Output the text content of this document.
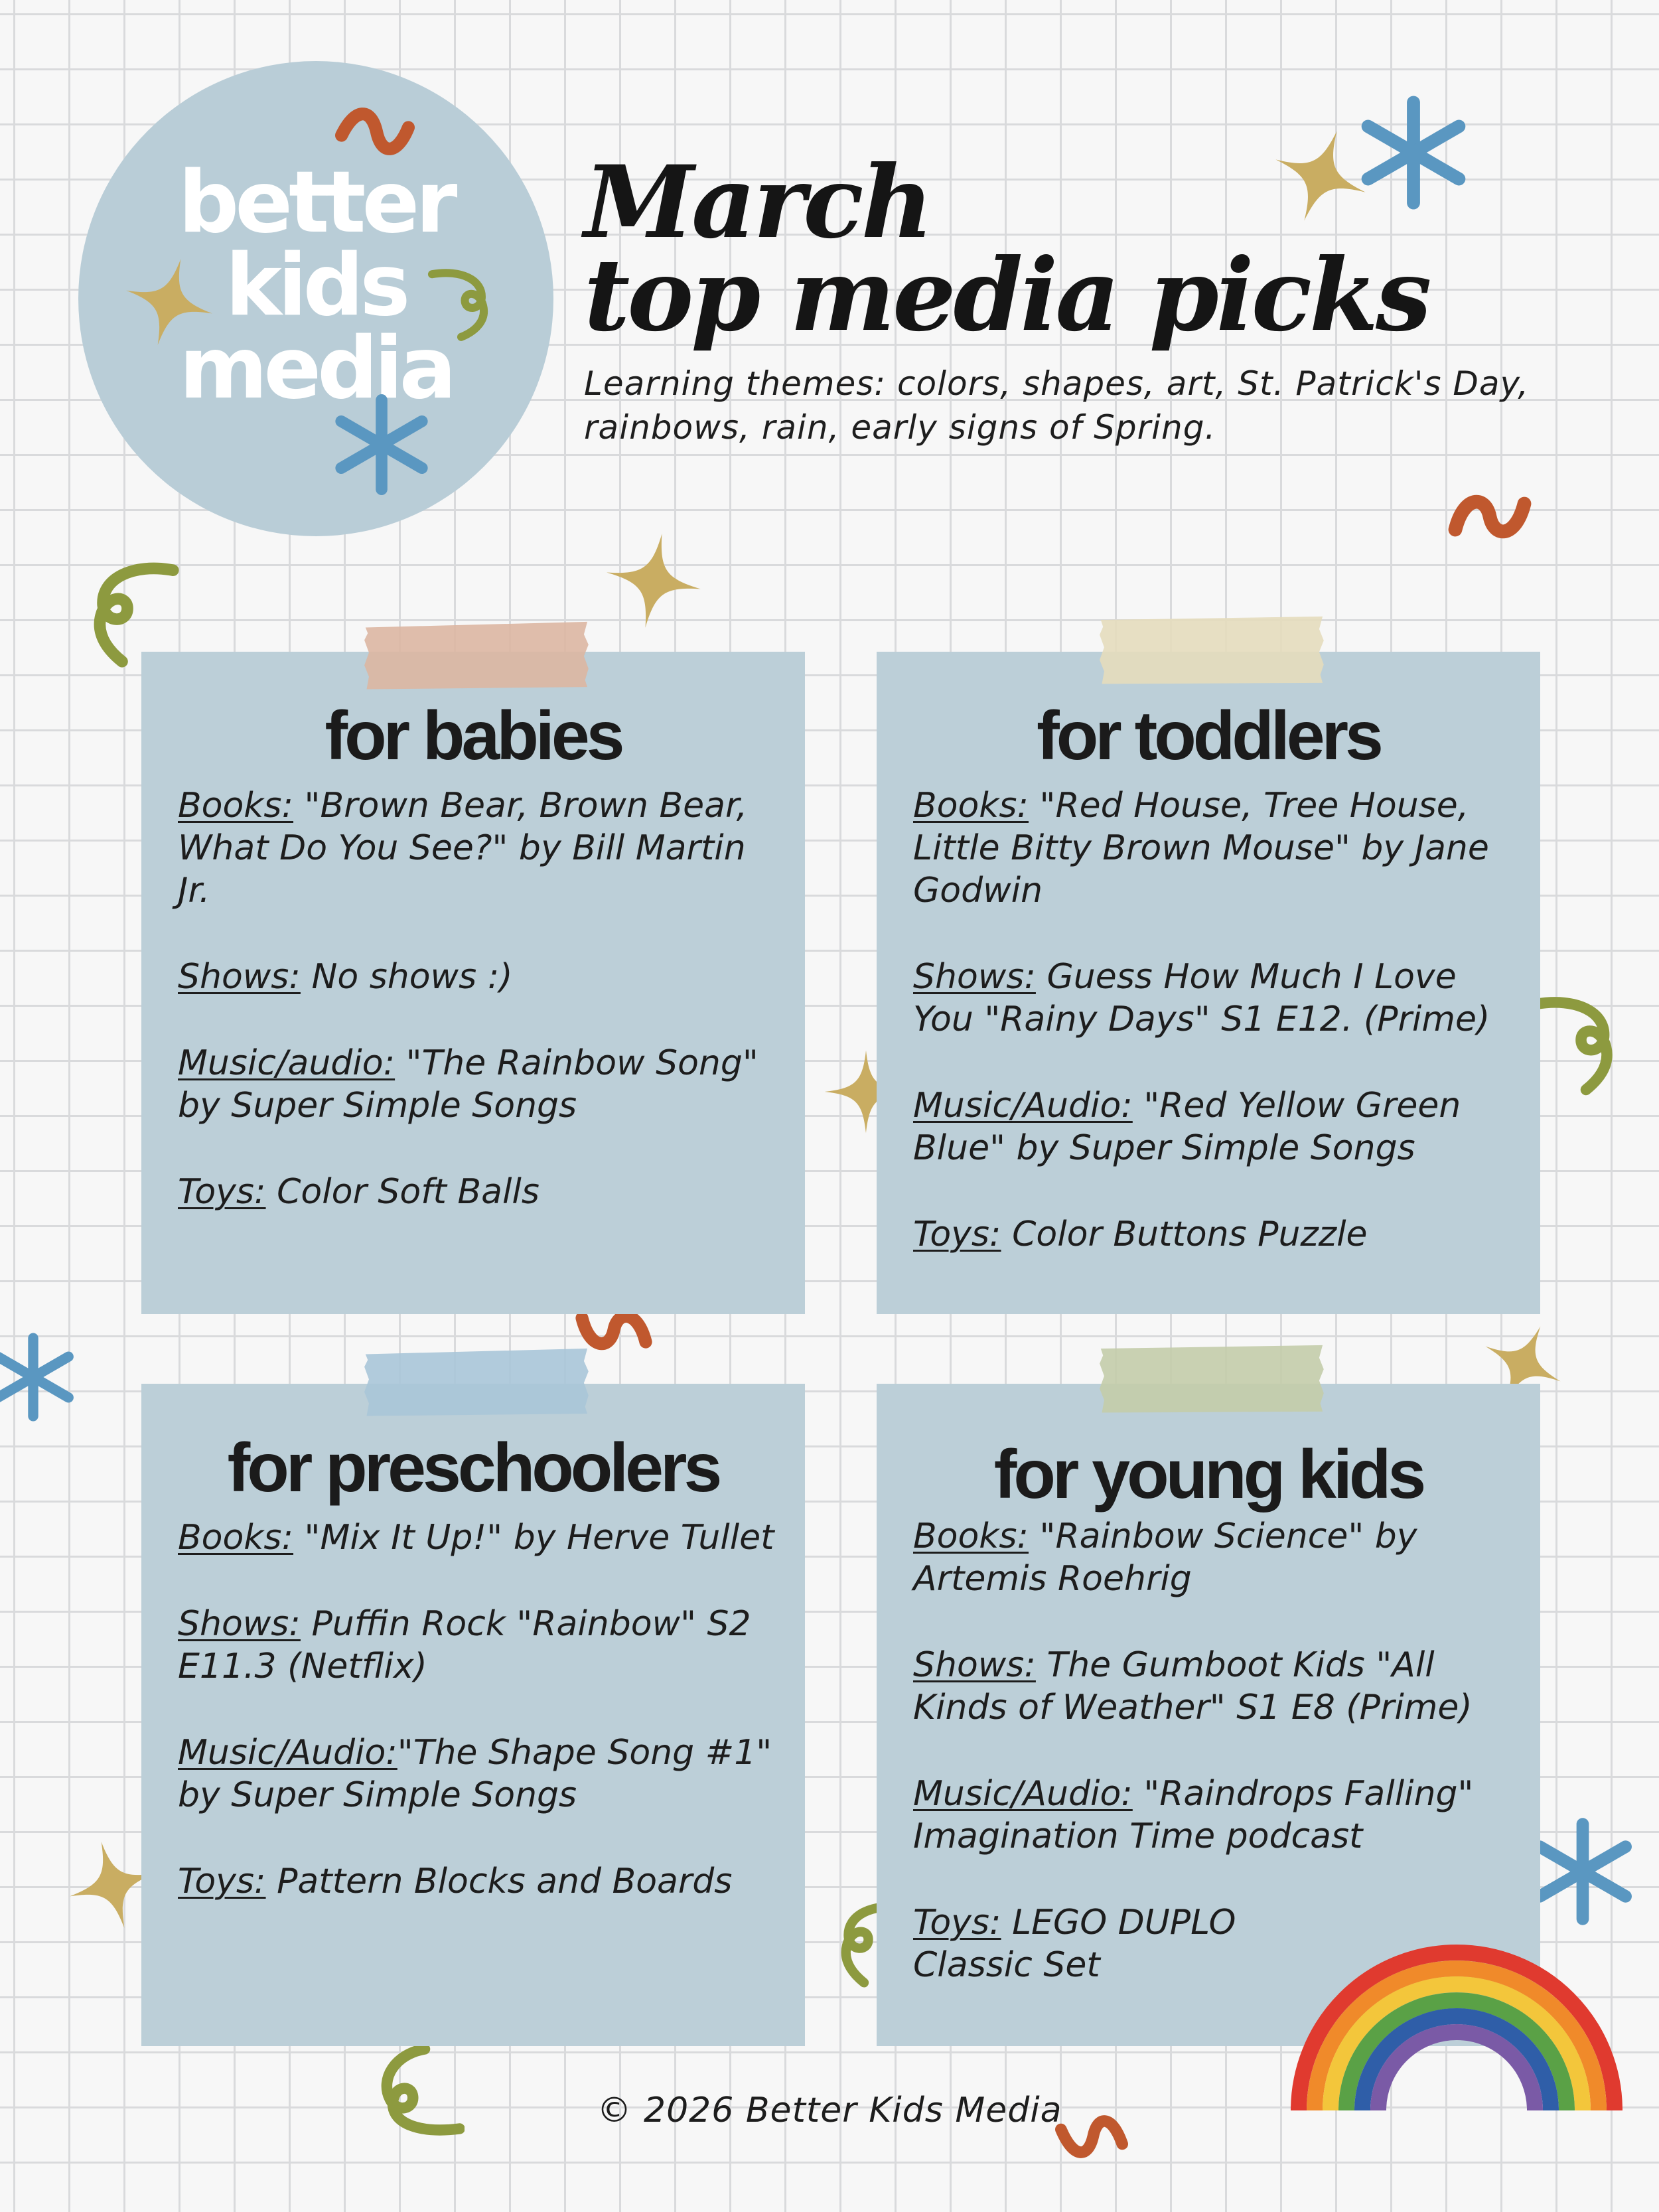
better
kids
media
March
top media picks
Learning themes: colors, shapes, art, St. Patrick's Day,
rainbows, rain, early signs of Spring.
for babies
Books: "Brown Bear, Brown Bear, What Do You See?" by Bill Martin Jr.
Shows: No shows :)
Music/audio: "The Rainbow Song" by Super Simple Songs
Toys: Color Soft Balls
for toddlers
Books: "Red House, Tree House, Little Bitty Brown Mouse" by Jane Godwin
Shows: Guess How Much I Love You "Rainy Days" S1 E12. (Prime)
Music/Audio: "Red Yellow Green Blue" by Super Simple Songs
Toys: Color Buttons Puzzle
for preschoolers
Books: "Mix It Up!" by Herve Tullet
Shows: Puffin Rock "Rainbow" S2 E11.3 (Netflix)
Music/Audio:"The Shape Song #1" by Super Simple Songs
Toys: Pattern Blocks and Boards
for young kids
Books: "Rainbow Science" by Artemis Roehrig
Shows: The Gumboot Kids "All Kinds of Weather" S1 E8 (Prime)
Music/Audio: "Raindrops Falling" Imagination Time podcast
Toys: LEGO DUPLO Classic Set
© 2026 Better Kids Media
